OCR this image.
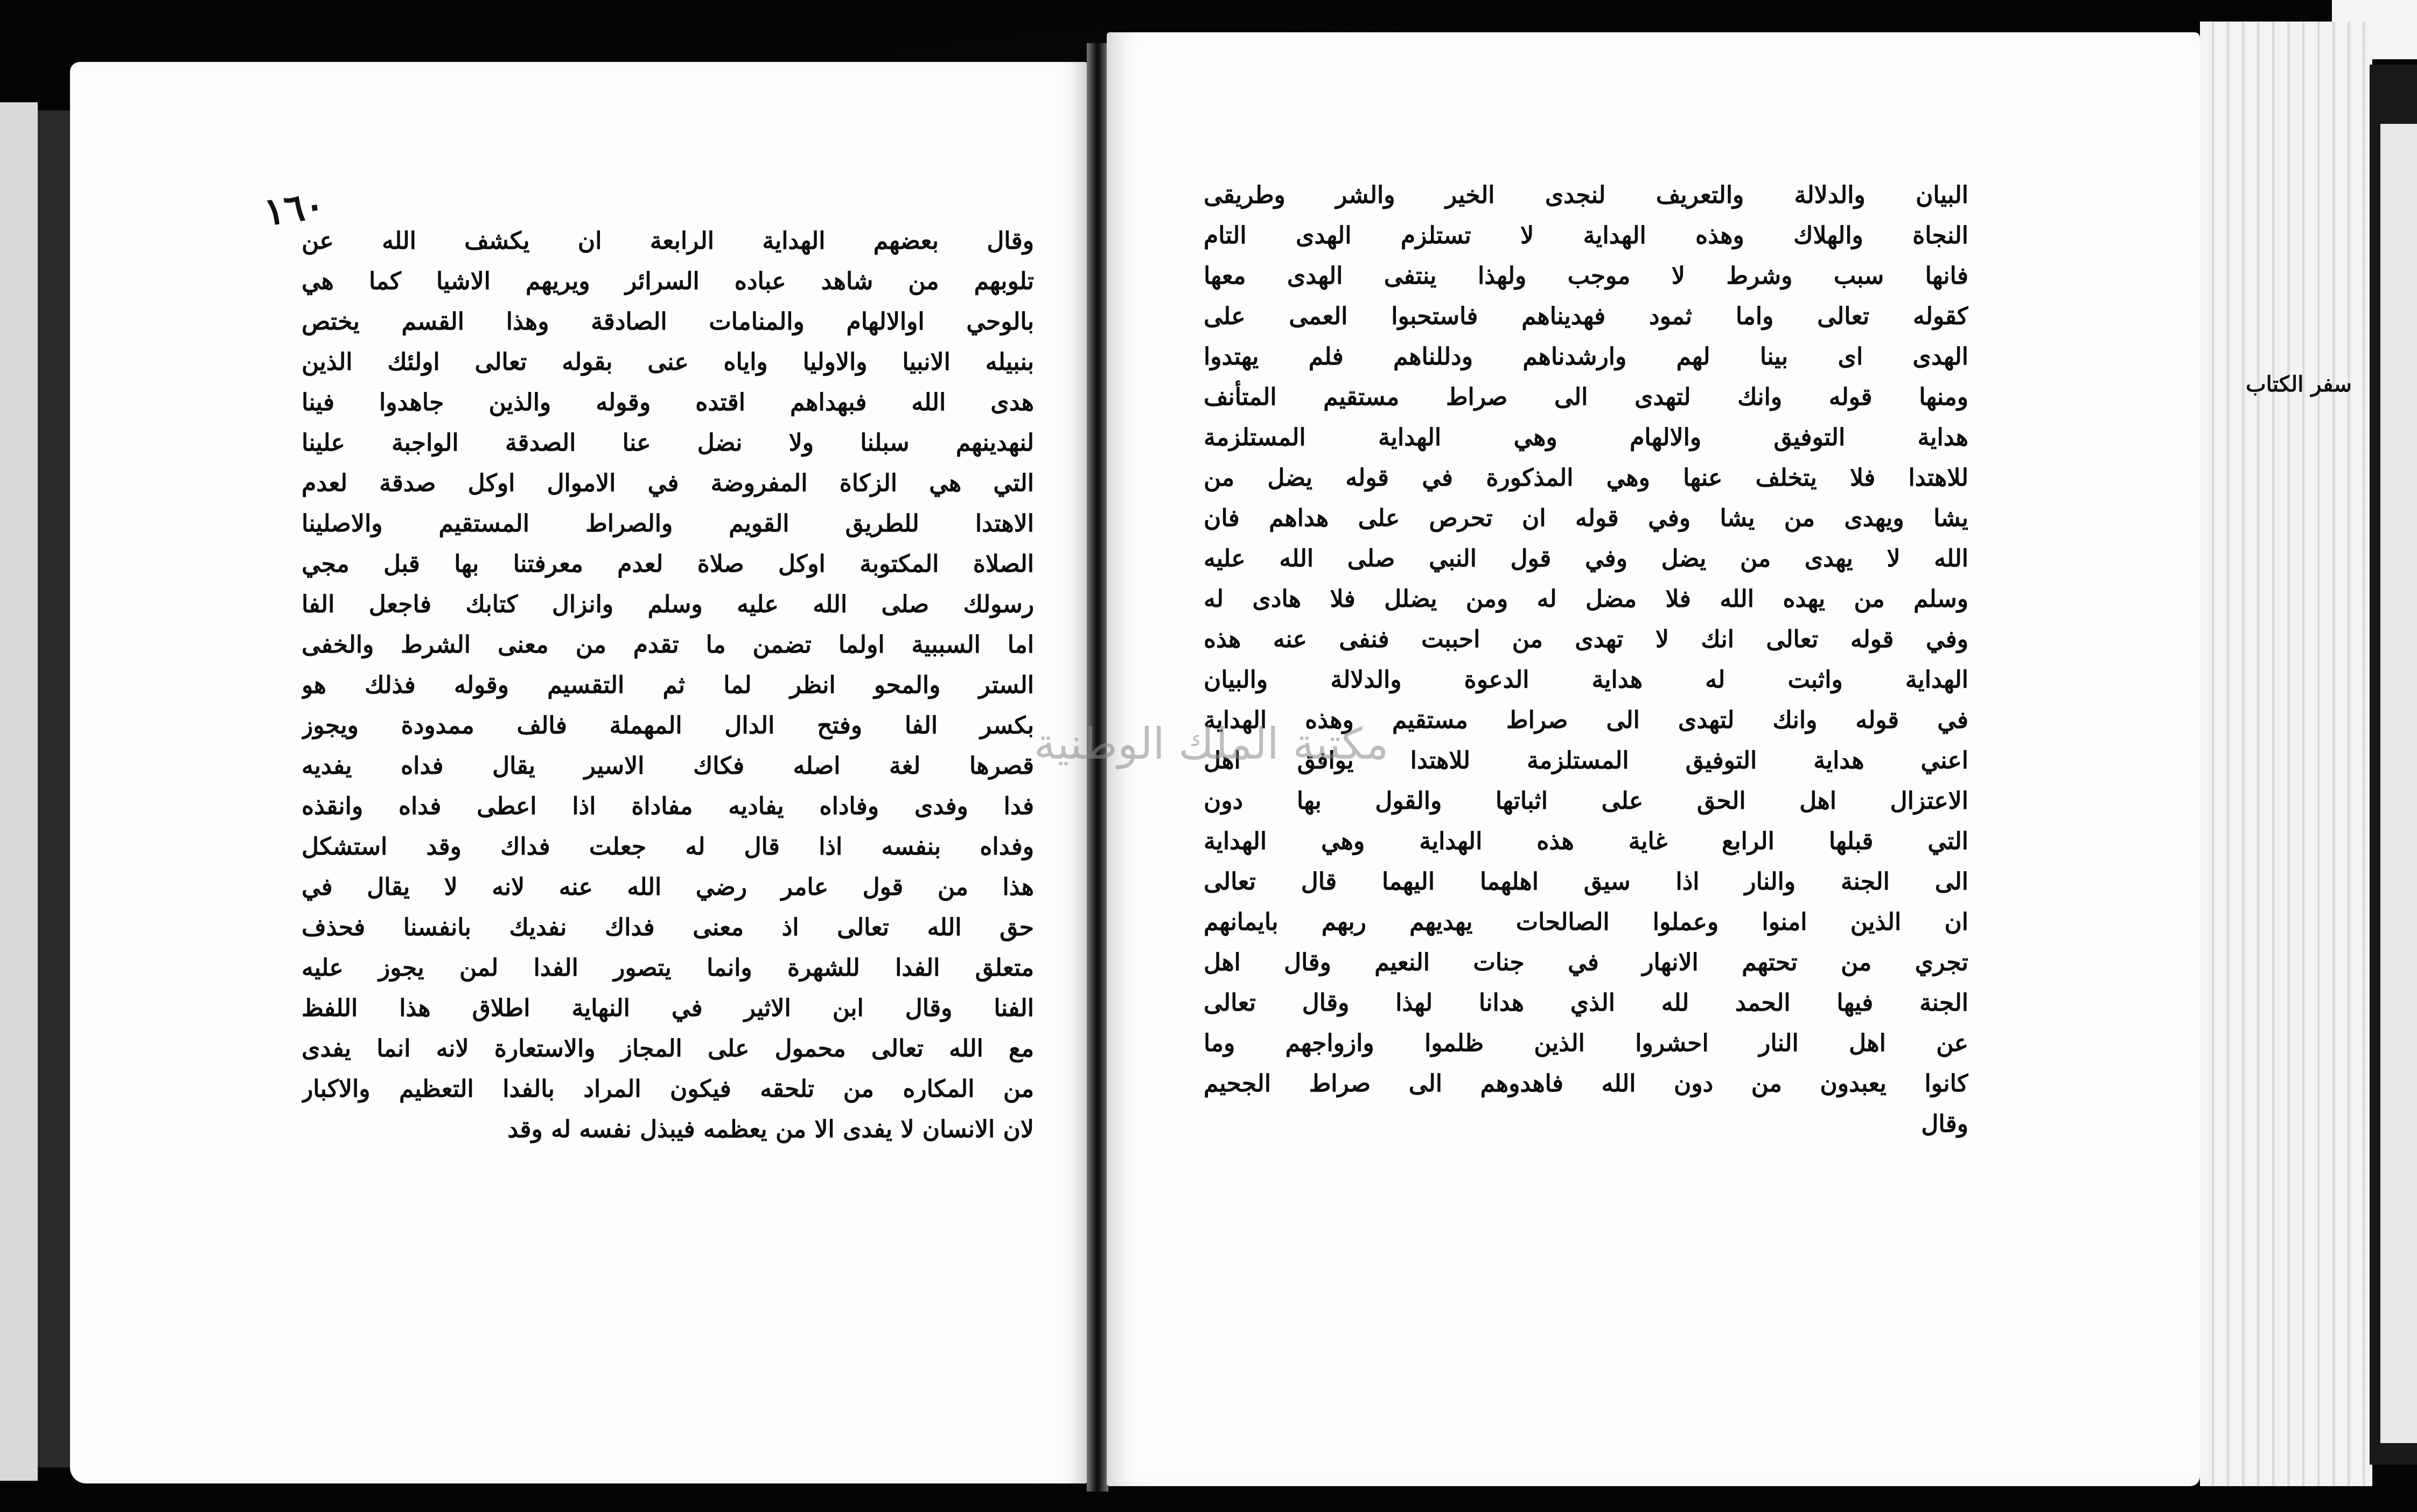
١٦٠
وقال بعضهم الهداية الرابعة ان يكشف الله عن
تلوبهم من شاهد عباده السرائر ويريهم الاشيا كما هي
بالوحي اوالالهام والمنامات الصادقة وهذا القسم يختص
بنبيله الانبيا والاوليا واياه عنى بقوله تعالى اولئك الذين
هدى الله فبهداهم اقتده وقوله والذين جاهدوا فينا
لنهدينهم سبلنا ولا نضل عنا الصدقة الواجبة علينا
التي هي الزكاة المفروضة في الاموال اوكل صدقة لعدم
الاهتدا للطريق القويم والصراط المستقيم والاصلينا
الصلاة المكتوبة اوكل صلاة لعدم معرفتنا بها قبل مجي
رسولك صلى الله عليه وسلم وانزال كتابك فاجعل الفا
اما السببية اولما تضمن ما تقدم من معنى الشرط والخفى
الستر والمحو انظر لما ثم التقسيم وقوله فذلك هو
بكسر الفا وفتح الدال المهملة فالف ممدودة ويجوز
قصرها لغة اصله فكاك الاسير يقال فداه يفديه
فدا وفدى وفاداه يفاديه مفاداة اذا اعطى فداه وانقذه
وفداه بنفسه اذا قال له جعلت فداك وقد استشكل
هذا من قول عامر رضي الله عنه لانه لا يقال في
حق الله تعالى اذ معنى فداك نفديك بانفسنا فحذف
متعلق الفدا للشهرة وانما يتصور الفدا لمن يجوز عليه
الفنا وقال ابن الاثير في النهاية اطلاق هذا اللفظ
مع الله تعالى محمول على المجاز والاستعارة لانه انما يفدى
من المكاره من تلحقه فيكون المراد بالفدا التعظيم والاكبار
لان الانسان لا يفدى الا من يعظمه فيبذل نفسه له وقد
البيان والدلالة والتعريف لنجدى الخير والشر وطريقى
النجاة والهلاك وهذه الهداية لا تستلزم الهدى التام
فانها سبب وشرط لا موجب ولهذا ينتفى الهدى معها
كقوله تعالى واما ثمود فهديناهم فاستحبوا العمى على
الهدى اى بينا لهم وارشدناهم ودللناهم فلم يهتدوا
ومنها قوله وانك لتهدى الى صراط مستقيم المتأنف
هداية التوفيق والالهام وهي الهداية المستلزمة
للاهتدا فلا يتخلف عنها وهي المذكورة في قوله يضل من
يشا ويهدى من يشا وفي قوله ان تحرص على هداهم فان
الله لا يهدى من يضل وفي قول النبي صلى الله عليه
وسلم من يهده الله فلا مضل له ومن يضلل فلا هادى له
وفي قوله تعالى انك لا تهدى من احببت فنفى عنه هذه
الهداية واثبت له هداية الدعوة والدلالة والبيان
في قوله وانك لتهدى الى صراط مستقيم وهذه الهداية
اعني هداية التوفيق المستلزمة للاهتدا يوافق اهل
الاعتزال اهل الحق على اثباتها والقول بها دون
التي قبلها الرابع غاية هذه الهداية وهي الهداية
الى الجنة والنار اذا سيق اهلهما اليهما قال تعالى
ان الذين امنوا وعملوا الصالحات يهديهم ربهم بايمانهم
تجري من تحتهم الانهار في جنات النعيم وقال اهل
الجنة فيها الحمد لله الذي هدانا لهذا وقال تعالى
عن اهل النار احشروا الذين ظلموا وازواجهم وما
كانوا يعبدون من دون الله فاهدوهم الى صراط الجحيم
وقال
سفر الكتاب
مكتبة الملك الوطنية
